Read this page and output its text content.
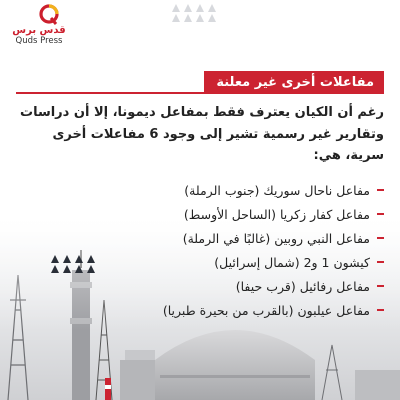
قدس برس
Quds Press
مفاعلات أخرى غير معلنة
رغم أن الكيان يعترف فقط بمفاعل ديمونا، إلا أن دراسات وتقارير غير رسمية تشير إلى وجود 6 مفاعلات أخرى سرية، هي:
مفاعل ناحال سوريك (جنوب الرملة)
مفاعل كفار زكريا (الساحل الأوسط)
مفاعل النبي روبين (غالبًا في الرملة)
كيشون 1 و2 (شمال إسرائيل)
مفاعل رفائيل (قرب حيفا)
مفاعل عيلبون (بالقرب من بحيرة طبريا)
